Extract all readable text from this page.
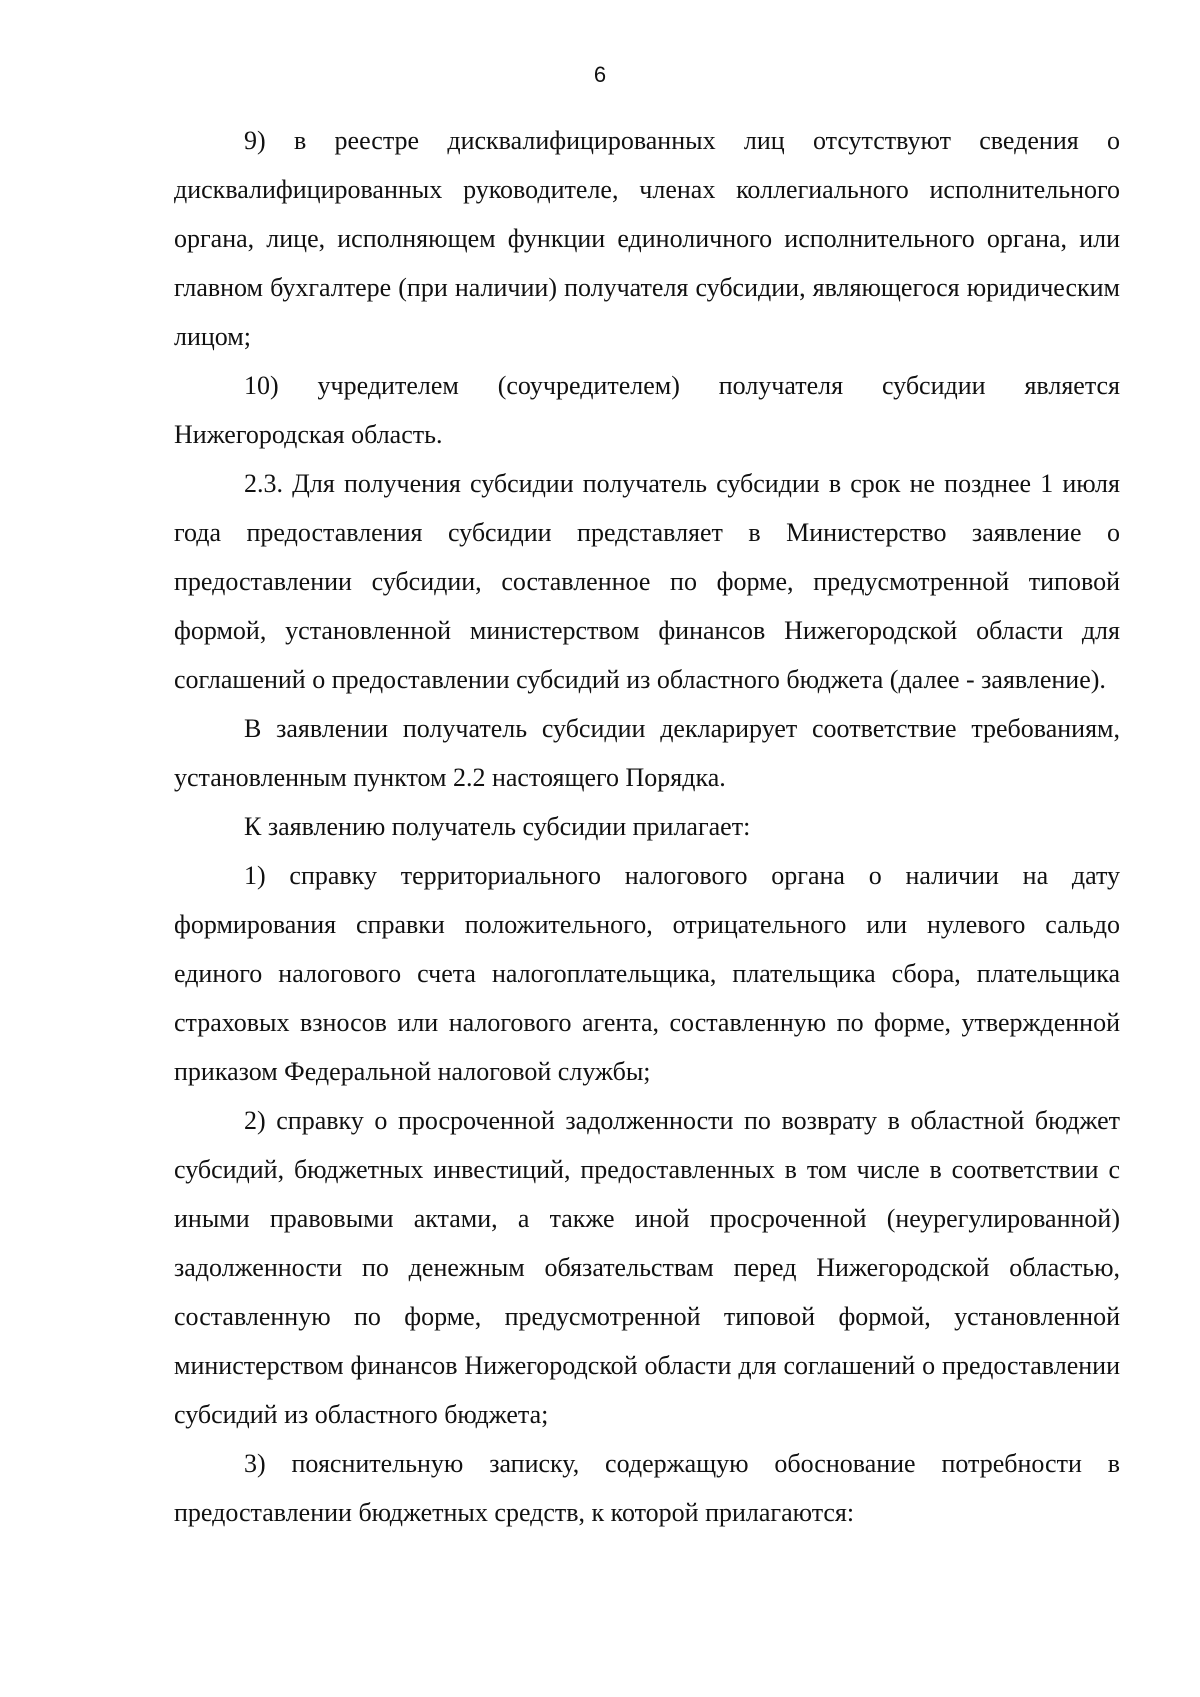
6

9) в реестре дисквалифицированных лиц отсутствуют сведения о дисквалифицированных руководителе, членах коллегиального исполнительного органа, лице, исполняющем функции единоличного исполнительного органа, или главном бухгалтере (при наличии) получателя субсидии, являющегося юридическим лицом;

10) учредителем (соучредителем) получателя субсидии является Нижегородская область.

2.3. Для получения субсидии получатель субсидии в срок не позднее 1 июля года предоставления субсидии представляет в Министерство заявление о предоставлении субсидии, составленное по форме, предусмотренной типовой формой, установленной министерством финансов Нижегородской области для соглашений о предоставлении субсидий из областного бюджета (далее - заявление).

В заявлении получатель субсидии декларирует соответствие требованиям, установленным пунктом 2.2 настоящего Порядка.

К заявлению получатель субсидии прилагает:

1) справку территориального налогового органа о наличии на дату формирования справки положительного, отрицательного или нулевого сальдо единого налогового счета налогоплательщика, плательщика сбора, плательщика страховых взносов или налогового агента, составленную по форме, утвержденной приказом Федеральной налоговой службы;

2) справку о просроченной задолженности по возврату в областной бюджет субсидий, бюджетных инвестиций, предоставленных в том числе в соответствии с иными правовыми актами, а также иной просроченной (неурегулированной) задолженности по денежным обязательствам перед Нижегородской областью, составленную по форме, предусмотренной типовой формой, установленной министерством финансов Нижегородской области для соглашений о предоставлении субсидий из областного бюджета;

3) пояснительную записку, содержащую обоснование потребности в предоставлении бюджетных средств, к которой прилагаются:
